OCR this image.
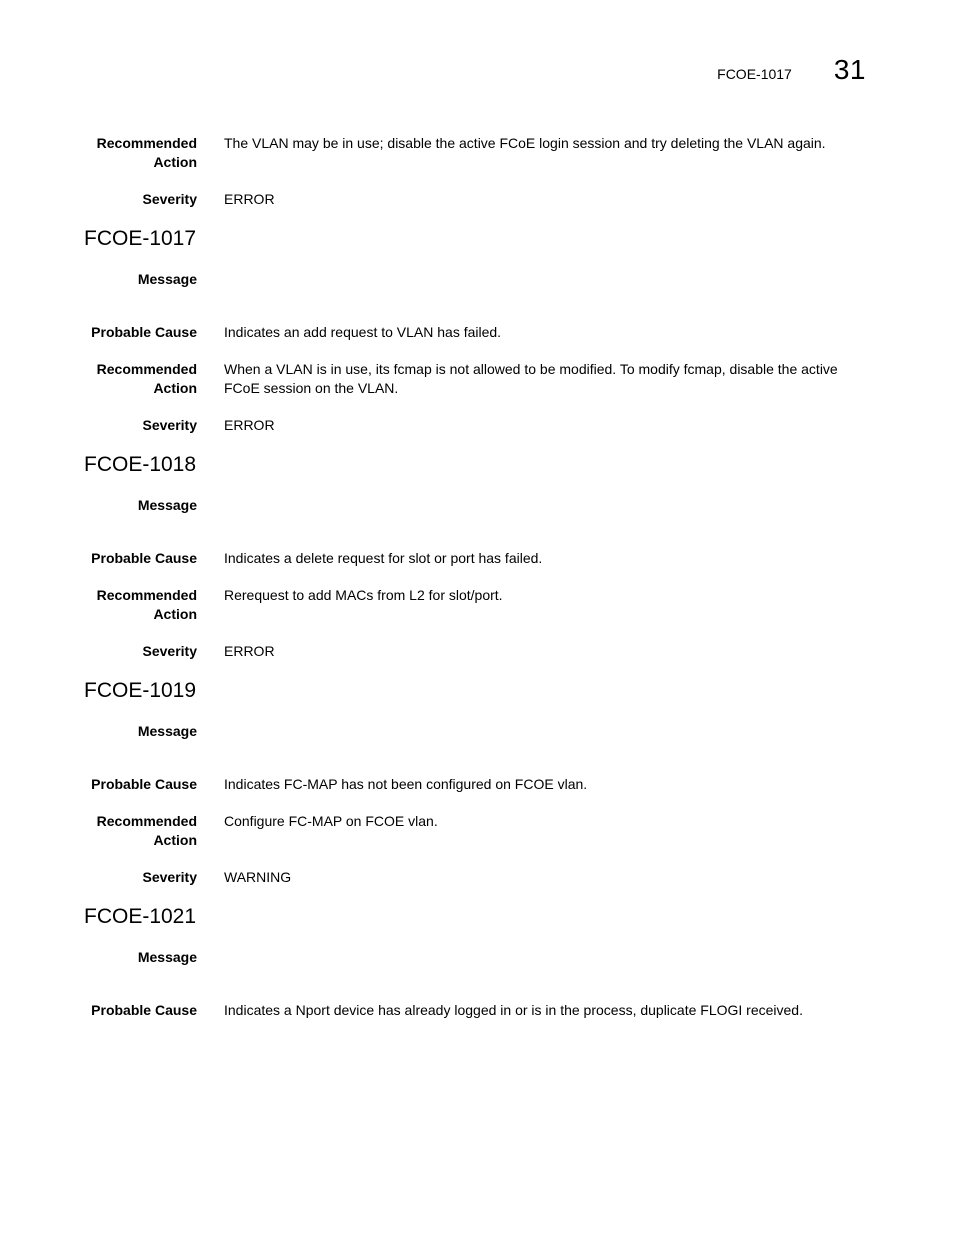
FCOE-1017 31
Recommended
Action
The VLAN may be in use; disable the active FCoE login session and try deleting the VLAN again.
Severity ERROR
FCOE-1017
Message
Probable Cause Indicates an add request to VLAN has failed.
Recommended
Action
When a VLAN is in use, its fcmap is not allowed to be modified. To modify fcmap, disable the active FCoE session on the VLAN.
Severity ERROR
FCOE-1018
Message
Probable Cause Indicates a delete request for slot or port has failed.
Recommended
Action
Rerequest to add MACs from L2 for slot/port.
Severity ERROR
FCOE-1019
Message
Probable Cause Indicates FC-MAP has not been configured on FCOE vlan.
Recommended
Action
Configure FC-MAP on FCOE vlan.
Severity WARNING
FCOE-1021
Message
Probable Cause Indicates a Nport device has already logged in or is in the process, duplicate FLOGI received.
